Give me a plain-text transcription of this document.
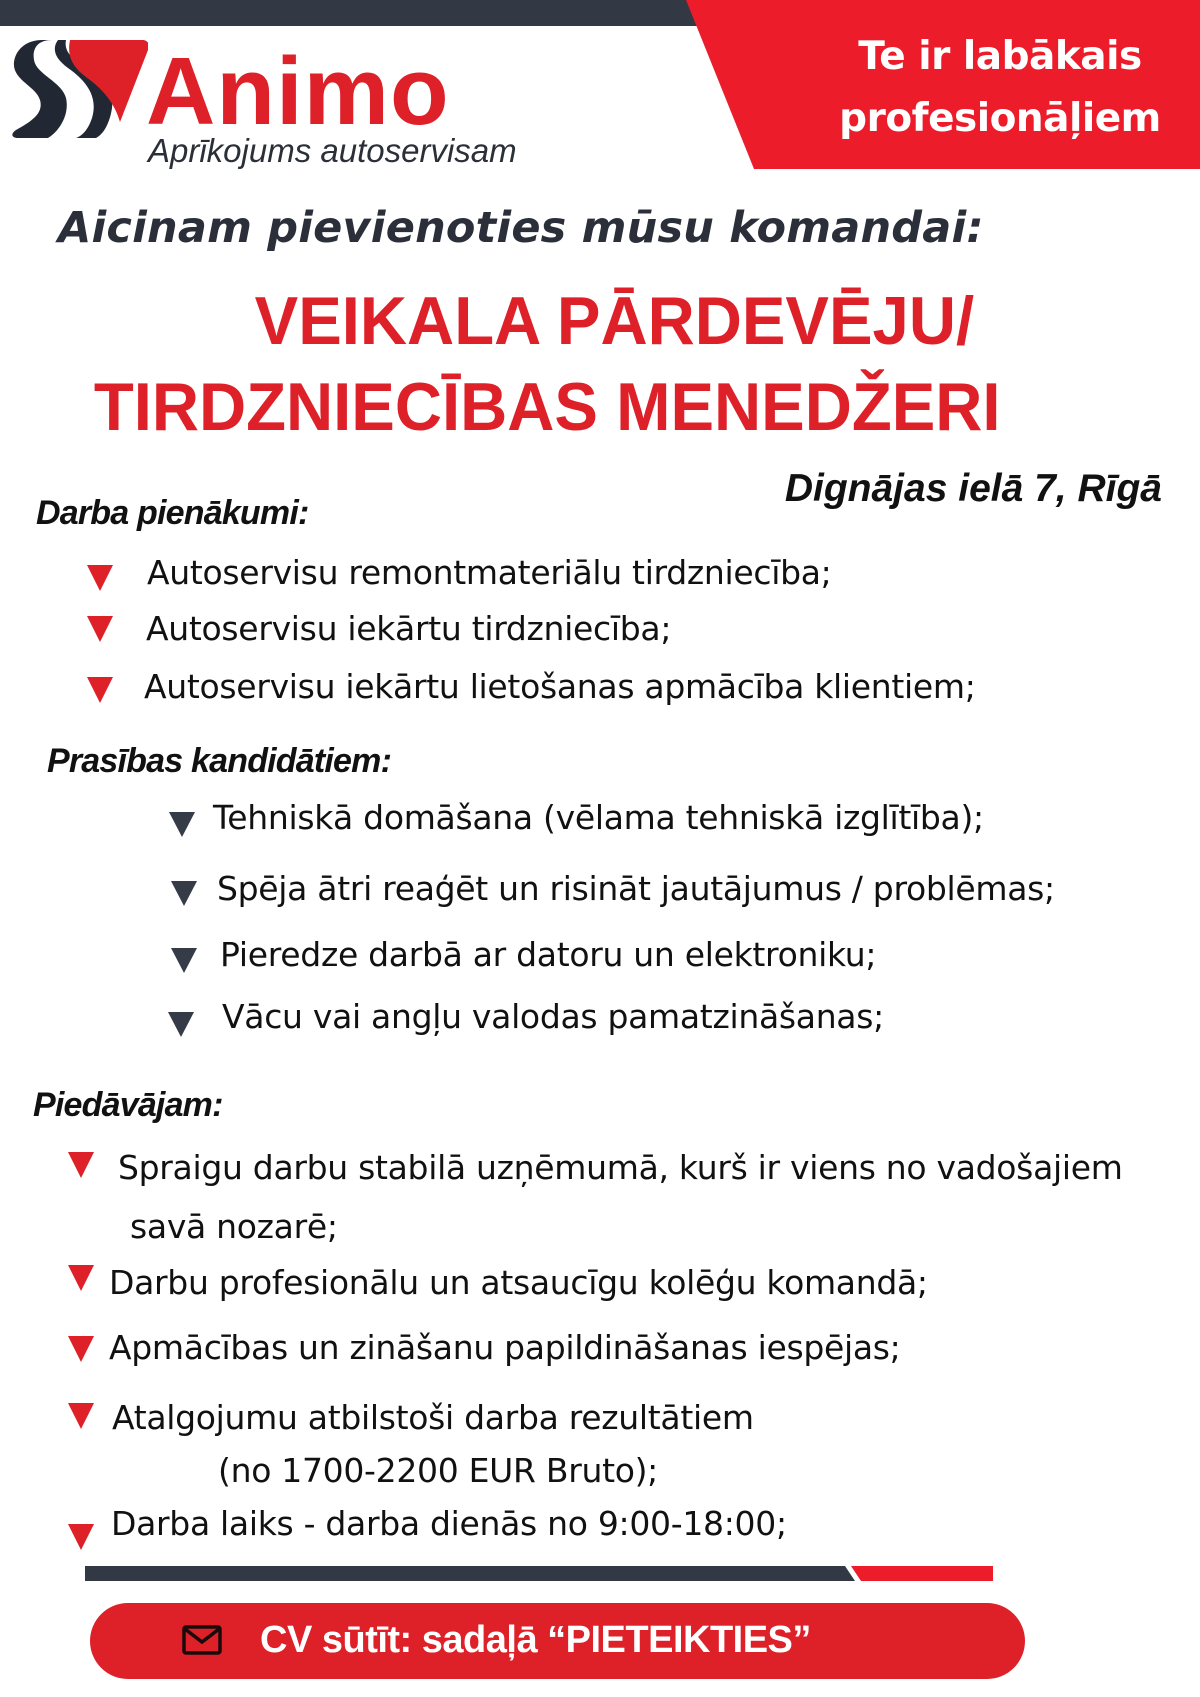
Te ir labākais
profesionāļiem
Animo
Aprīkojums autoservisam
Aicinam pievienoties mūsu komandai:
VEIKALA PĀRDEVĒJU/
TIRDZNIECĪBAS MENEDŽERI
Dignājas ielā 7, Rīgā
Darba pienākumi:
Autoservisu remontmateriālu tirdzniecība;
Autoservisu iekārtu tirdzniecība;
Autoservisu iekārtu lietošanas apmācība klientiem;
Prasības kandidātiem:
Tehniskā domāšana (vēlama tehniskā izglītība);
Spēja ātri reaģēt un risināt jautājumus / problēmas;
Pieredze darbā ar datoru un elektroniku;
Vācu vai angļu valodas pamatzināšanas;
Piedāvājam:
Spraigu darbu stabilā uzņēmumā, kurš ir viens no vadošajiem
savā nozarē;
Darbu profesionālu un atsaucīgu kolēģu komandā;
Apmācības un zināšanu papildināšanas iespējas;
Atalgojumu atbilstoši darba rezultātiem
(no 1700-2200 EUR Bruto);
Darba laiks - darba dienās no 9:00-18:00;
CV sūtīt: sadaļā “PIETEIKTIES”
